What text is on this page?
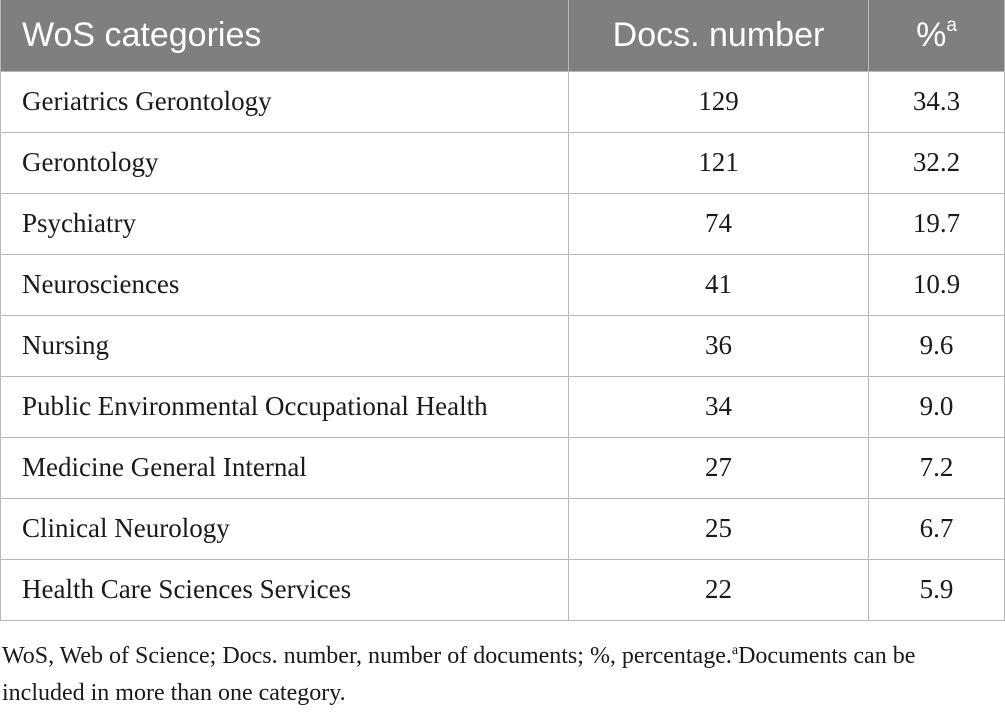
WoS categories	Docs. number	%$^a$
Geriatrics Gerontology	129	34.3
Gerontology	121	32.2
Psychiatry	74	19.7
Neurosciences	41	10.9
Nursing	36	9.6
Public Environmental Occupational Health	34	9.0
Medicine General Internal	27	7.2
Clinical Neurology	25	6.7
Health Care Sciences Services	22	5.9
WoS, Web of Science; Docs. number, number of documents; %, percentage.$^a$Documents can be included in more than one category.
